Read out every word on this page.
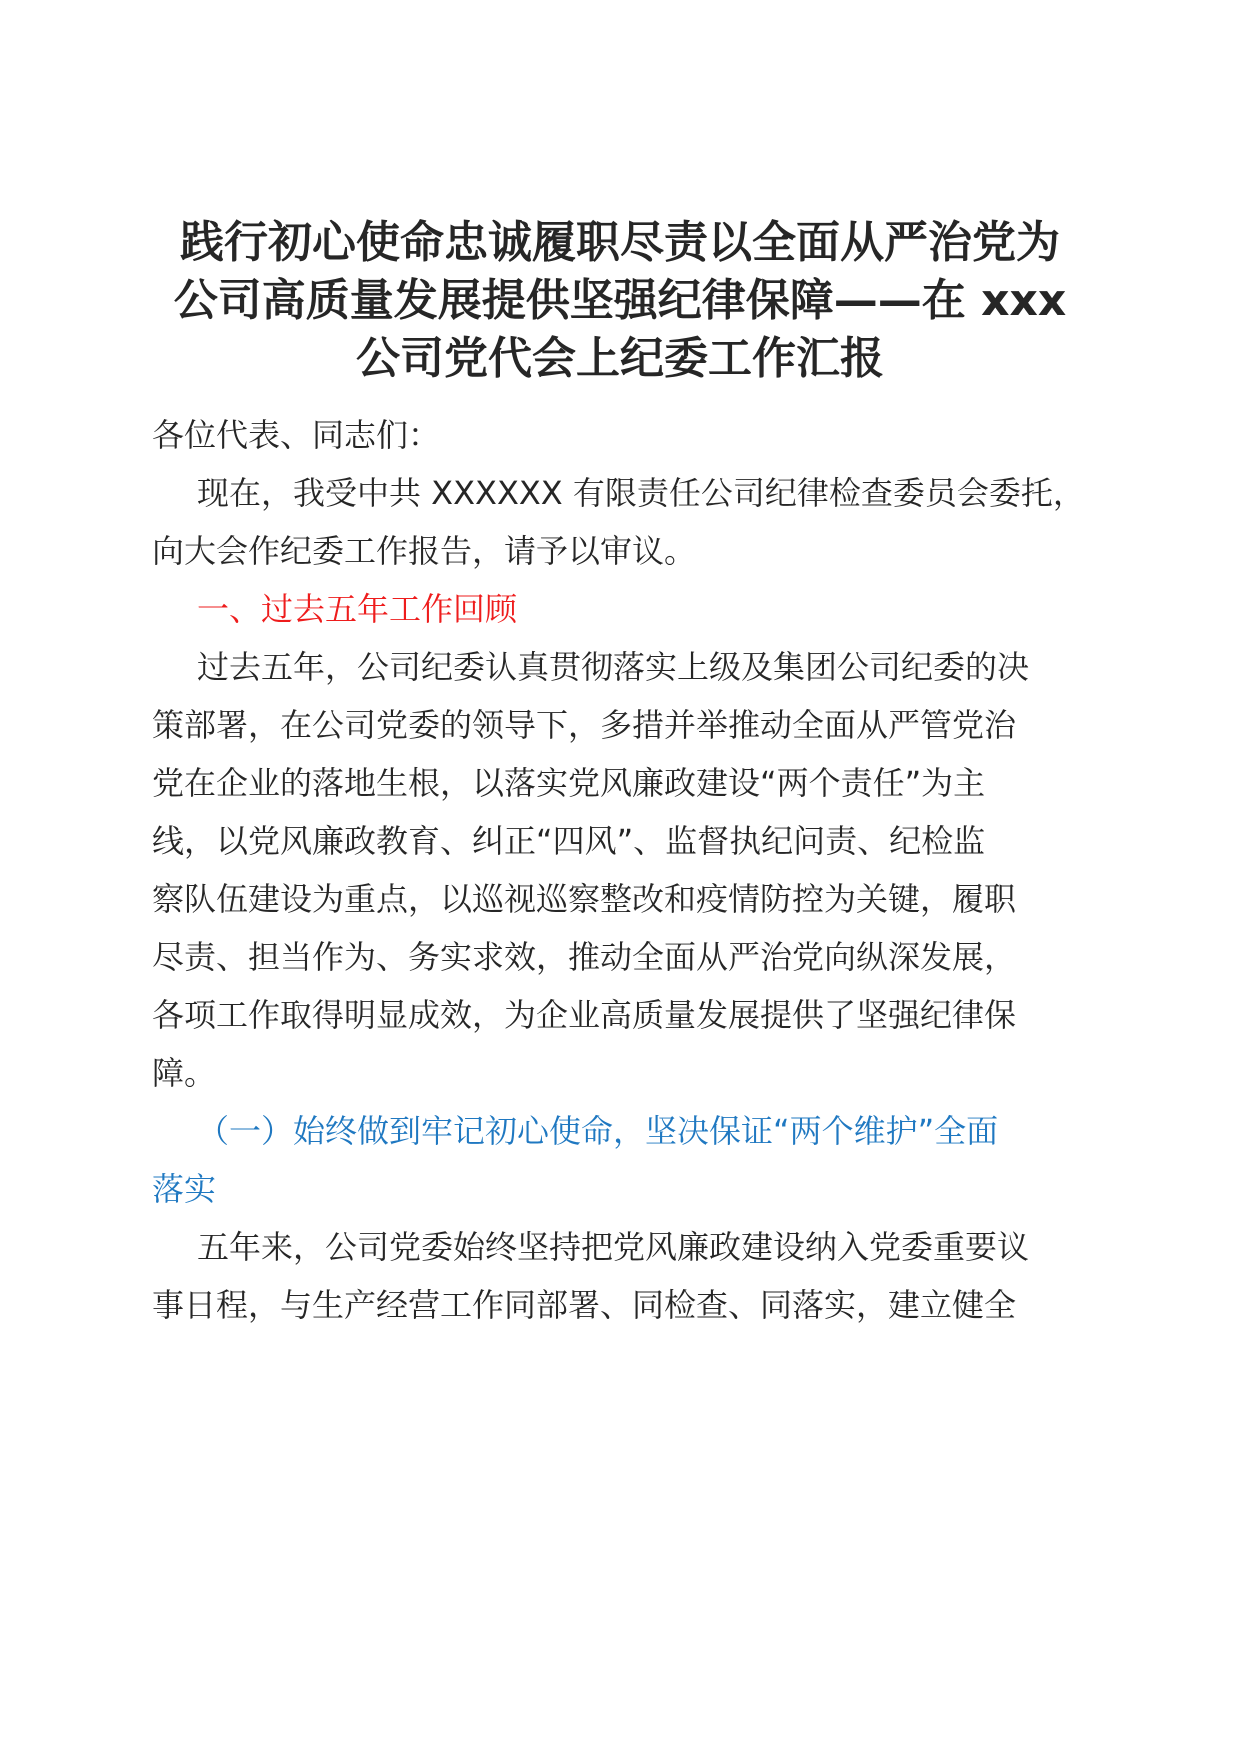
践行初心使命忠诚履职尽责以全面从严治党为
公司高质量发展提供坚强纪律保障——在 xxx
公司党代会上纪委工作汇报

各位代表、同志们：

现在，我受中共 XXXXXX 有限责任公司纪律检查委员会委托，

向大会作纪委工作报告，请予以审议。

一、过去五年工作回顾

过去五年，公司纪委认真贯彻落实上级及集团公司纪委的决

策部署，在公司党委的领导下，多措并举推动全面从严管党治

党在企业的落地生根，以落实党风廉政建设“两个责任”为主

线，以党风廉政教育、纠正“四风”、监督执纪问责、纪检监

察队伍建设为重点，以巡视巡察整改和疫情防控为关键，履职

尽责、担当作为、务实求效，推动全面从严治党向纵深发展，

各项工作取得明显成效，为企业高质量发展提供了坚强纪律保

障。

（一）始终做到牢记初心使命，坚决保证“两个维护”全面

落实

五年来，公司党委始终坚持把党风廉政建设纳入党委重要议

事日程，与生产经营工作同部署、同检查、同落实，建立健全
